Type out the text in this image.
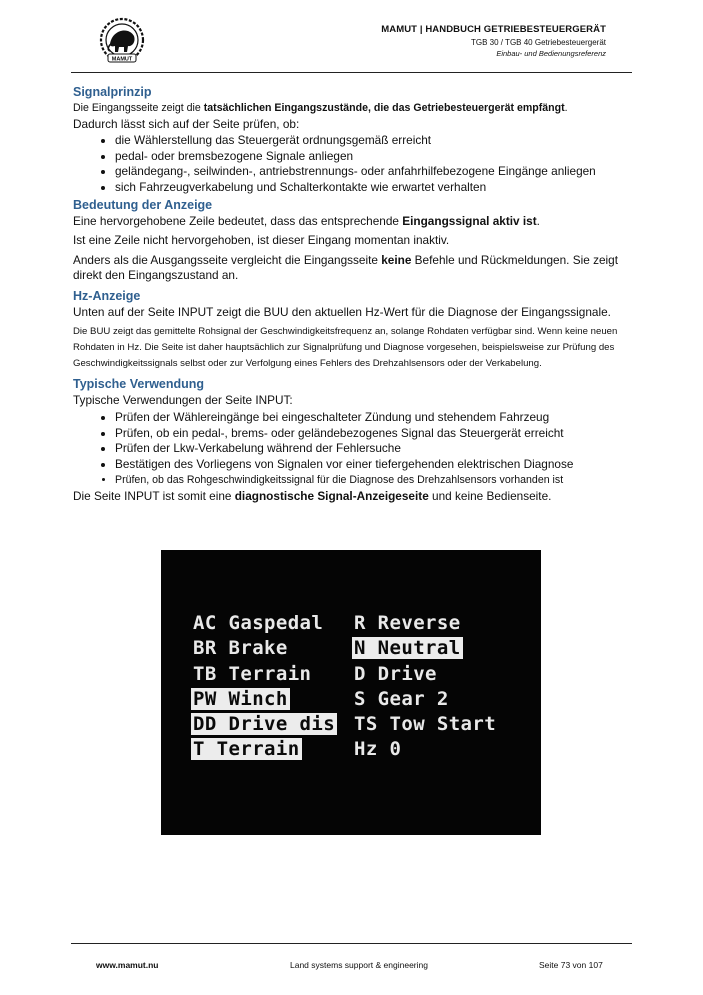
MAMUT
MAMUT | HANDBUCH GETRIEBESTEUERGERÄT
TGB 30 / TGB 40 Getriebesteuergerät
Einbau- und Bedienungsreferenz
Signalprinzip

Die Eingangsseite zeigt die tatsächlichen Eingangszustände, die das Getriebesteuergerät empfängt.

Dadurch lässt sich auf der Seite prüfen, ob:

• die Wählerstellung das Steuergerät ordnungsgemäß erreicht
• pedal- oder bremsbezogene Signale anliegen
• geländegang-, seilwinden-, antriebstrennungs- oder anfahrhilfebezogene Eingänge anliegen
• sich Fahrzeugverkabelung und Schalterkontakte wie erwartet verhalten
Bedeutung der Anzeige

Eine hervorgehobene Zeile bedeutet, dass das entsprechende Eingangssignal aktiv ist.

Ist eine Zeile nicht hervorgehoben, ist dieser Eingang momentan inaktiv.

Anders als die Ausgangsseite vergleicht die Eingangsseite keine Befehle und Rückmeldungen. Sie zeigt direkt den Eingangszustand an.

Hz-Anzeige

Unten auf der Seite INPUT zeigt die BUU den aktuellen Hz-Wert für die Diagnose der Eingangssignale.

Die BUU zeigt das gemittelte Rohsignal der Geschwindigkeitsfrequenz an, solange Rohdaten verfügbar sind. Wenn keine neuen Rohdaten in Hz. Die Seite ist daher hauptsächlich zur Signalprüfung und Diagnose vorgesehen, beispielsweise zur Prüfung des Geschwindigkeitssignals selbst oder zur Verfolgung eines Fehlers des Drehzahlsensors oder der Verkabelung.

Typische Verwendung

Typische Verwendungen der Seite INPUT:

• Prüfen der Wählereingänge bei eingeschalteter Zündung und stehendem Fahrzeug
• Prüfen, ob ein pedal-, brems- oder geländebezogenes Signal das Steuergerät erreicht
• Prüfen der Lkw-Verkabelung während der Fehlersuche
• Bestätigen des Vorliegens von Signalen vor einer tiefergehenden elektrischen Diagnose
• Prüfen, ob das Rohgeschwindigkeitssignal für die Diagnose des Drehzahlsensors vorhanden ist

Die Seite INPUT ist somit eine diagnostische Signal-Anzeigeseite und keine Bedienseite.

AC Gaspedal
BR Brake
TB Terrain
PW Winch
DD Drive dis
T Terrain
R Reverse
N Neutral
D Drive
S Gear 2
TS Tow Start
Hz 0
www.mamut.nu	Land systems support & engineering	Seite 73 von 107
